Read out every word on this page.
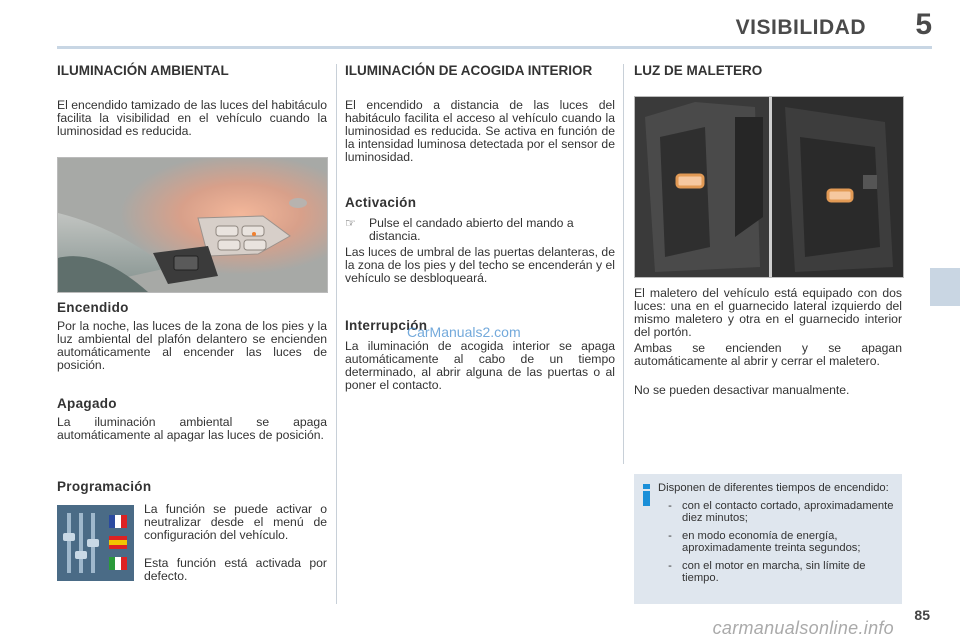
VISIBILIDAD 5
ILUMINACIÓN AMBIENTAL

El encendido tamizado de las luces del habitáculo facilita la visibilidad en el vehículo cuando la luminosidad es reducida.

Encendido

Por la noche, las luces de la zona de los pies y la luz ambiental del plafón delantero se encienden automáticamente al encender las luces de posición.

Apagado

La iluminación ambiental se apaga automáticamente al apagar las luces de posición.

Programación

La función se puede activar o neutralizar desde el menú de configuración del vehículo.

Esta función está activada por defecto.

ILUMINACIÓN DE ACOGIDA INTERIOR

El encendido a distancia de las luces del habitáculo facilita el acceso al vehículo cuando la luminosidad es reducida. Se activa en función de la intensidad luminosa detectada por el sensor de luminosidad.

Activación
☞	Pulse el candado abierto del mando a distancia.

Las luces de umbral de las puertas delanteras, de la zona de los pies y del techo se encenderán y el vehículo se desbloqueará.

Interrupción

La iluminación de acogida interior se apaga automáticamente al cabo de un tiempo determinado, al abrir alguna de las puertas o al poner el contacto.

CarManuals2.com
LUZ DE MALETERO

El maletero del vehículo está equipado con dos luces: una en el guarnecido lateral izquierdo del mismo maletero y otra en el guarnecido interior del portón.

Ambas se encienden y se apagan automáticamente al abrir y cerrar el maletero.

No se pueden desactivar manualmente.

Disponen de diferentes tiempos de encendido:
- con el contacto cortado, aproximadamente diez minutos;
- en modo economía de energía, aproximadamente treinta segundos;
- con el motor en marcha, sin límite de tiempo.
85
carmanualsonline.info
